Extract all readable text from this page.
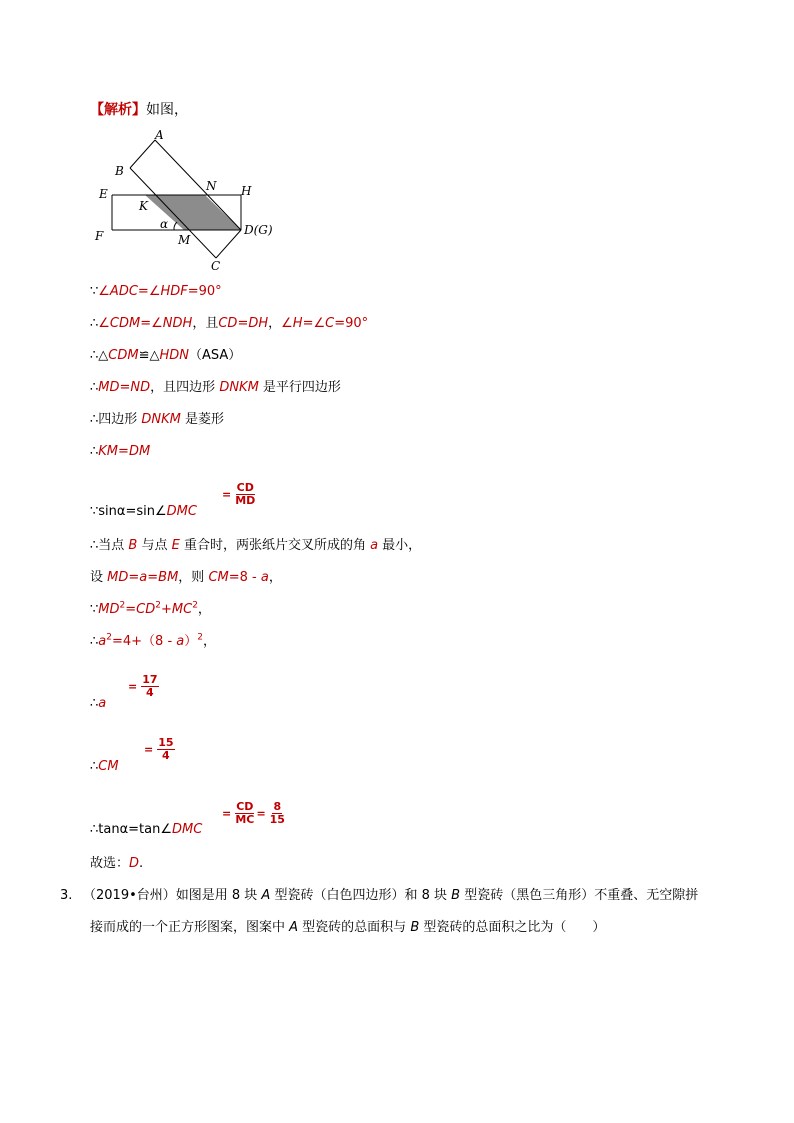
【解析】如图，
A
B
E
F
K
N H
α
M
D(G)
C
∵∠ADC=∠HDF=90°
∴∠CDM=∠NDH，且CD=DH，∠H=∠C=90°
∴△CDM≌△HDN（ASA）
∴MD=ND，且四边形 DNKM 是平行四边形
∴四边形 DNKM 是菱形
∴KM=DM
∵sinα=sin∠DMC
= $\frac{CD}{MD}$
∴当点 B 与点 E 重合时，两张纸片交叉所成的角 a 最小，
设 MD=a=BM，则 CM=8 - a，
$\because MD^2=CD^2+MC^2$，
$\therefore a^2=4+(8 - a)^2$，
∴a
= $\frac{17}{4}$
∴CM
= $\frac{15}{4}$
∴tanα=tan∠DMC
= $\frac{CD}{MC} = \frac{8}{15}$
故选：D.
3. （2019•台州）如图是用 8 块 A 型瓷砖（白色四边形）和 8 块 B 型瓷砖（黑色三角形）不重叠、无空隙拼
接而成的一个正方形图案，图案中 A 型瓷砖的总面积与 B 型瓷砖的总面积之比为（　　）
